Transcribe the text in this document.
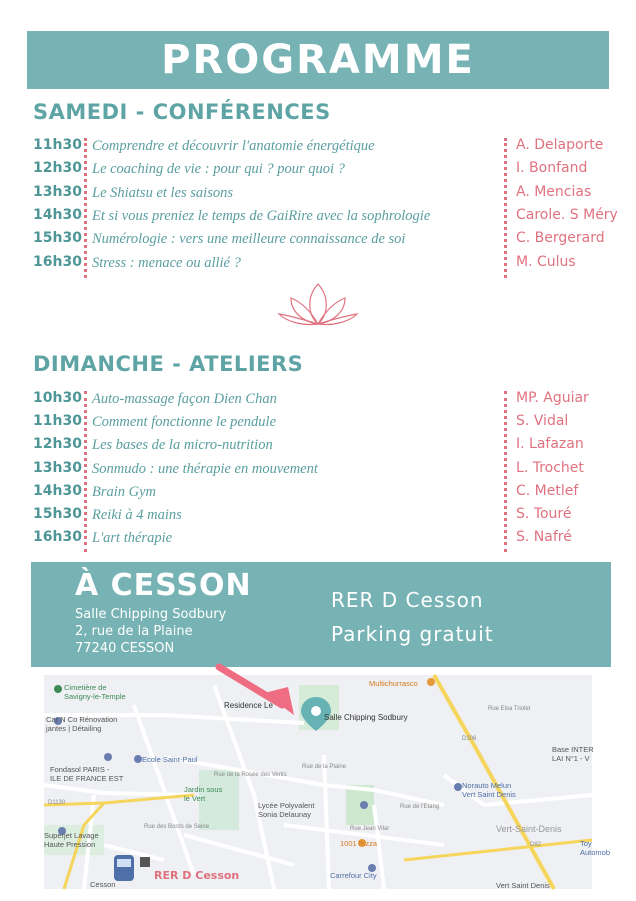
PROGRAMME
SAMEDI - CONFÉRENCES
11h30 Comprendre et découvrir l'anatomie énergétique	A. Delaporte
12h30 Le coaching de vie : pour qui ? pour quoi ?	I. Bonfand
13h30 Le Shiatsu et les saisons	A. Mencias
14h30 Et si vous preniez le temps de GaiRire avec la sophrologie	Carole. S Méry
15h30 Numérologie : vers une meilleure connaissance de soi	C. Bergerard
16h30 Stress : menace ou allié ?	M. Culus
DIMANCHE - ATELIERS
10h30 Auto-massage façon Dien Chan	MP. Aguiar
11h30 Comment fonctionne le pendule	S. Vidal
12h30 Les bases de la micro-nutrition	I. Lafazan
13h30 Sonmudo : une thérapie en mouvement	L. Trochet
14h30 Brain Gym	C. Metlef
15h30 Reiki à 4 mains	S. Touré
16h30 L'art thérapie	S. Nafré
À CESSON
Salle Chipping Sodbury
2, rue de la Plaine
77240 CESSON
RER D Cesson
Parking gratuit
Cimetière de
Savigny-le-Temple
Car N Co Rénovation
jantes | Détailing
Residence Le
Salle Chipping Sodbury
Multichurrasco
Ecole Saint-Paul
Fondasol PARIS -
ILE DE FRANCE EST
Jardin sous
le Vert
Lycée Polyvalent
Sonia Delaunay
Superjet Lavage
Haute Pression	1001 Pizza
Carrefour City
Cesson
RER D Cesson
Base INTER
LAI N°1 - V
Norauto Melun
Vert Saint Denis
Vert-Saint-Denis
Vert Saint Denis
Toy
Automob
D1130
D306
D82
Rue de la Plaine
Rue de la Rosée des Vents
Rue de l'Etang
Rue Jean Vilar
Rue des Bords de Seine
Rue Elsa Triolet
